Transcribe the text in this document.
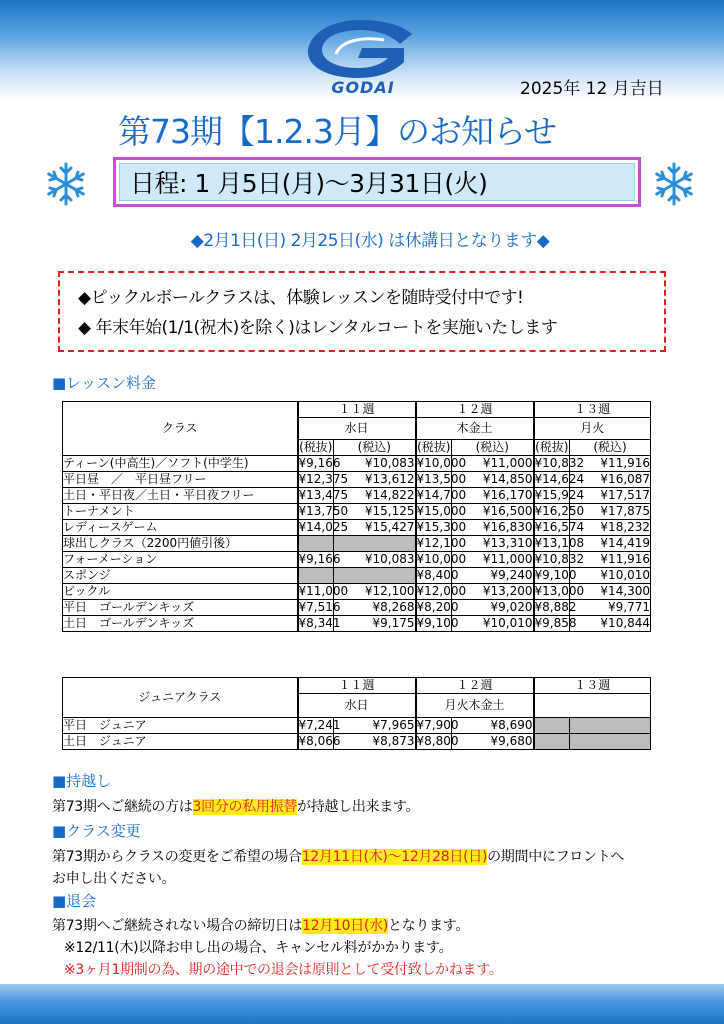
GODAI	2025年 12 月吉日
第73期【1.2.3月】のお知らせ
日程: 1 月5日(月)～3月31日(火)
◆2月1日(日) 2月25日(水) は休講日となります◆
◆ピックルボールクラスは、体験レッスンを随時受付中です!
◆ 年末年始(1/1(祝木)を除く)はレンタルコートを実施いたします
■レッスン料金
クラス	１１週		１２週		１３週	
	水日		木金土		月火	
	(税抜)	(税込)	(税抜)	(税込)	(税抜)	(税込)
ティーン(中高生)／ソフト(中学生)	¥9,166	¥10,083	¥10,000	¥11,000	¥10,832	¥11,916
平日昼　／　平日昼フリー	¥12,375	¥13,612	¥13,500	¥14,850	¥14,624	¥16,087
土日・平日夜／土日・平日夜フリー	¥13,475	¥14,822	¥14,700	¥16,170	¥15,924	¥17,517
トーナメント	¥13,750	¥15,125	¥15,000	¥16,500	¥16,250	¥17,875
レディースゲーム	¥14,025	¥15,427	¥15,300	¥16,830	¥16,574	¥18,232
球出しクラス（2200円値引後）			¥12,100	¥13,310	¥13,108	¥14,419
フォーメーション	¥9,166	¥10,083	¥10,000	¥11,000	¥10,832	¥11,916
スポンジ			¥8,400	¥9,240	¥9,100	¥10,010
ピックル	¥11,000	¥12,100	¥12,000	¥13,200	¥13,000	¥14,300
平日　ゴールデンキッズ	¥7,516	¥8,268	¥8,200	¥9,020	¥8,882	¥9,771
土日　ゴールデンキッズ	¥8,341	¥9,175	¥9,100	¥10,010	¥9,858	¥10,844
ジュニアクラス	１１週		１２週		１３週	
	水日		月火木金土			
平日　ジュニア	¥7,241	¥7,965	¥7,900	¥8,690		
土日　ジュニア	¥8,066	¥8,873	¥8,800	¥9,680		
■持越し
第73期へご継続の方は3回分の私用振替が持越し出来ます。
■クラス変更
第73期からクラスの変更をご希望の場合12月11日(木)～12月28日(日)の期間中にフロントへ
お申し出ください。
■退会
第73期へご継続されない場合の締切日は12月10日(水)となります。
※12/11(木)以降お申し出の場合、キャンセル料がかかります。
※3ヶ月1期制の為、期の途中での退会は原則として受付致しかねます。
